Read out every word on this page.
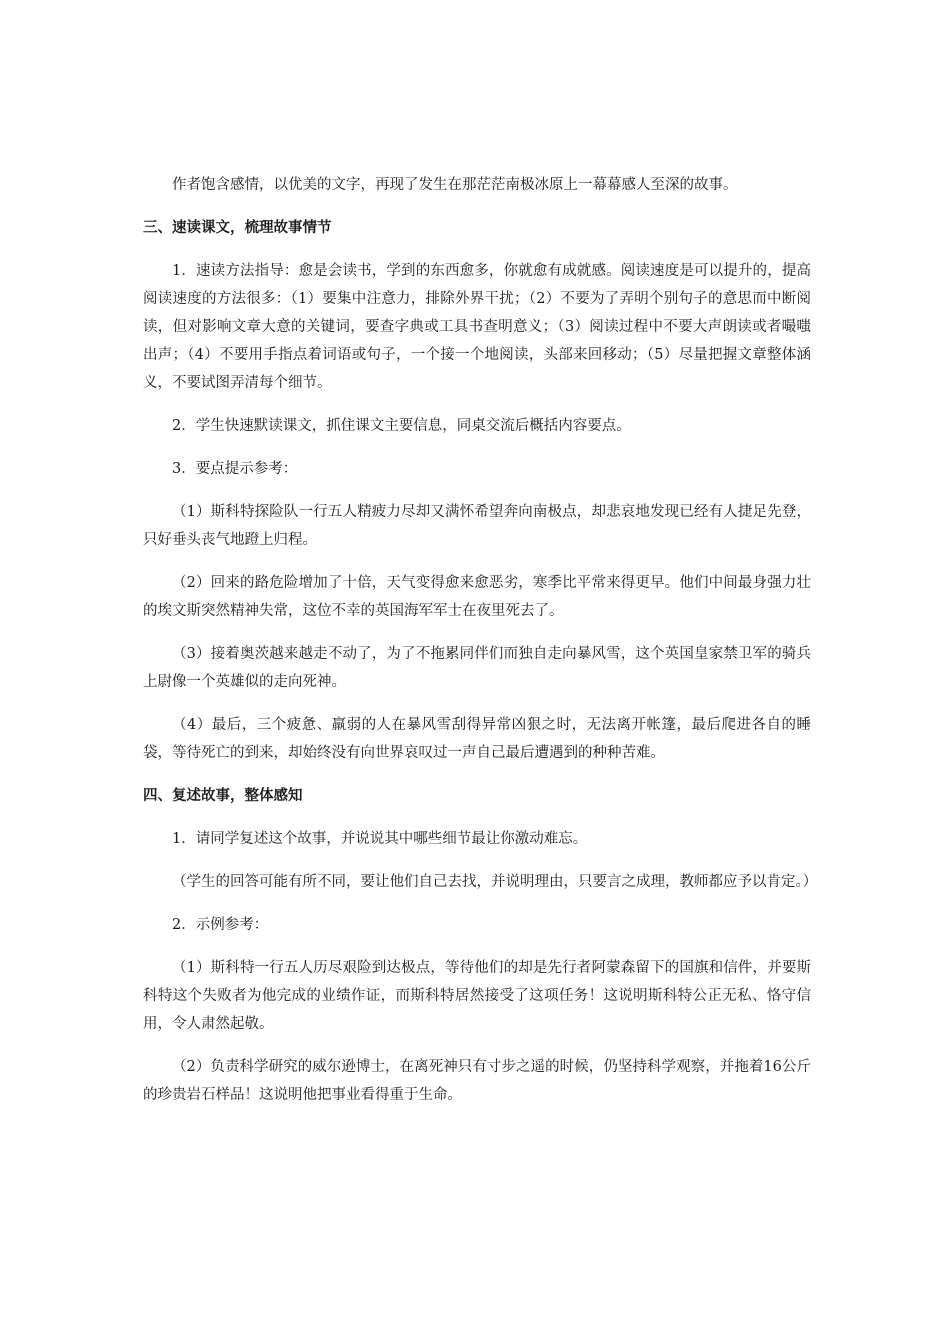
作者饱含感情，以优美的文字，再现了发生在那茫茫南极冰原上一幕幕感人至深的故事。

三、速读课文，梳理故事情节

1．速读方法指导：愈是会读书，学到的东西愈多，你就愈有成就感。阅读速度是可以提升的，提高阅读速度的方法很多：（1）要集中注意力，排除外界干扰；（2）不要为了弄明个别句子的意思而中断阅读，但对影响文章大意的关键词，要查字典或工具书查明意义；（3）阅读过程中不要大声朗读或者嘬嗤出声；（4）不要用手指点着词语或句子，一个接一个地阅读，头部来回移动；（5）尽量把握文章整体涵义，不要试图弄清每个细节。

2．学生快速默读课文，抓住课文主要信息，同桌交流后概括内容要点。

3．要点提示参考：

（1）斯科特探险队一行五人精疲力尽却又满怀希望奔向南极点，却悲哀地发现已经有人捷足先登，只好垂头丧气地蹬上归程。

（2）回来的路危险增加了十倍，天气变得愈来愈恶劣，寒季比平常来得更早。他们中间最身强力壮的埃文斯突然精神失常，这位不幸的英国海军军士在夜里死去了。

（3）接着奥茨越来越走不动了，为了不拖累同伴们而独自走向暴风雪，这个英国皇家禁卫军的骑兵上尉像一个英雄似的走向死神。

（4）最后，三个疲惫、羸弱的人在暴风雪刮得异常凶狠之时，无法离开帐篷，最后爬进各自的睡袋，等待死亡的到来，却始终没有向世界哀叹过一声自己最后遭遇到的种种苦难。

四、复述故事，整体感知

1．请同学复述这个故事，并说说其中哪些细节最让你激动难忘。

（学生的回答可能有所不同，要让他们自己去找，并说明理由，只要言之成理，教师都应予以肯定。）

2．示例参考：

（1）斯科特一行五人历尽艰险到达极点，等待他们的却是先行者阿蒙森留下的国旗和信件，并要斯科特这个失败者为他完成的业绩作证，而斯科特居然接受了这项任务！这说明斯科特公正无私、恪守信用，令人肃然起敬。

（2）负责科学研究的威尔逊博士，在离死神只有寸步之遥的时候，仍坚持科学观察，并拖着16公斤的珍贵岩石样品！这说明他把事业看得重于生命。
